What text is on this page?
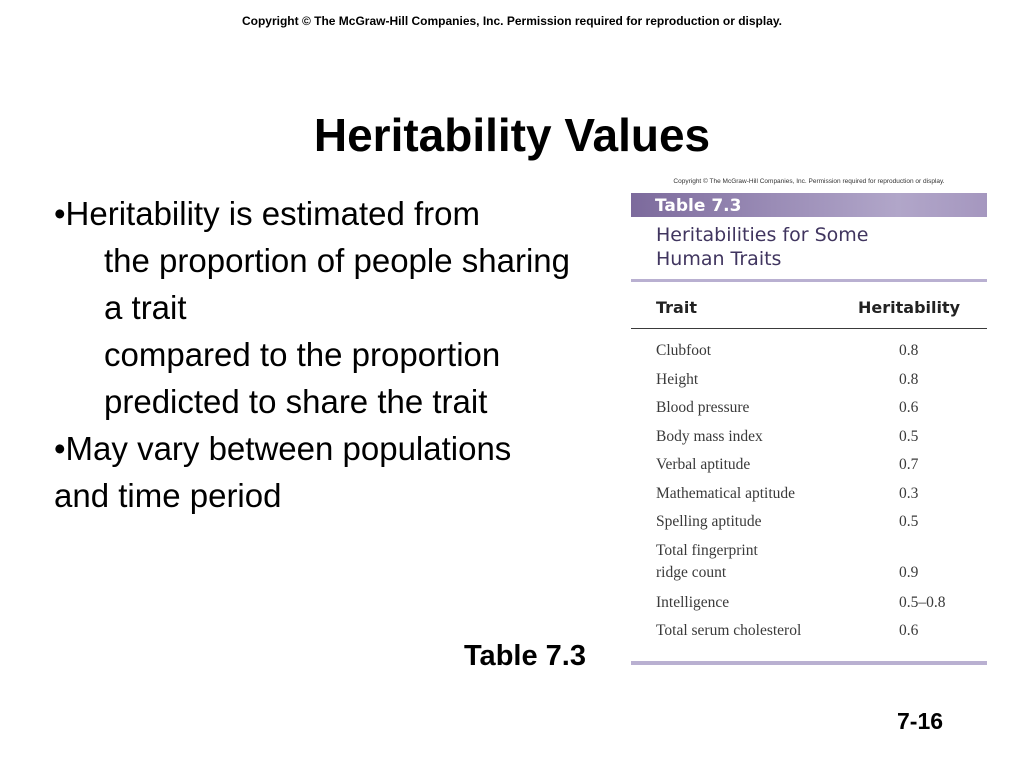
Copyright © The McGraw-Hill Companies, Inc. Permission required for reproduction or display.
Heritability Values
•Heritability is estimated from
the proportion of people sharing
a trait
compared to the proportion
predicted to share the trait
•May vary between populations
and time period
Copyright © The McGraw-Hill Companies, Inc. Permission required for reproduction or display.
Table 7.3
Heritabilities for Some
Human Traits
Trait	Heritability
Clubfoot	0.8
Height	0.8
Blood pressure	0.6
Body mass index	0.5
Verbal aptitude	0.7
Mathematical aptitude	0.3
Spelling aptitude	0.5
Total fingerprint
ridge count	0.9
Intelligence	0.5–0.8
Total serum cholesterol	0.6
Table 7.3
7-16
